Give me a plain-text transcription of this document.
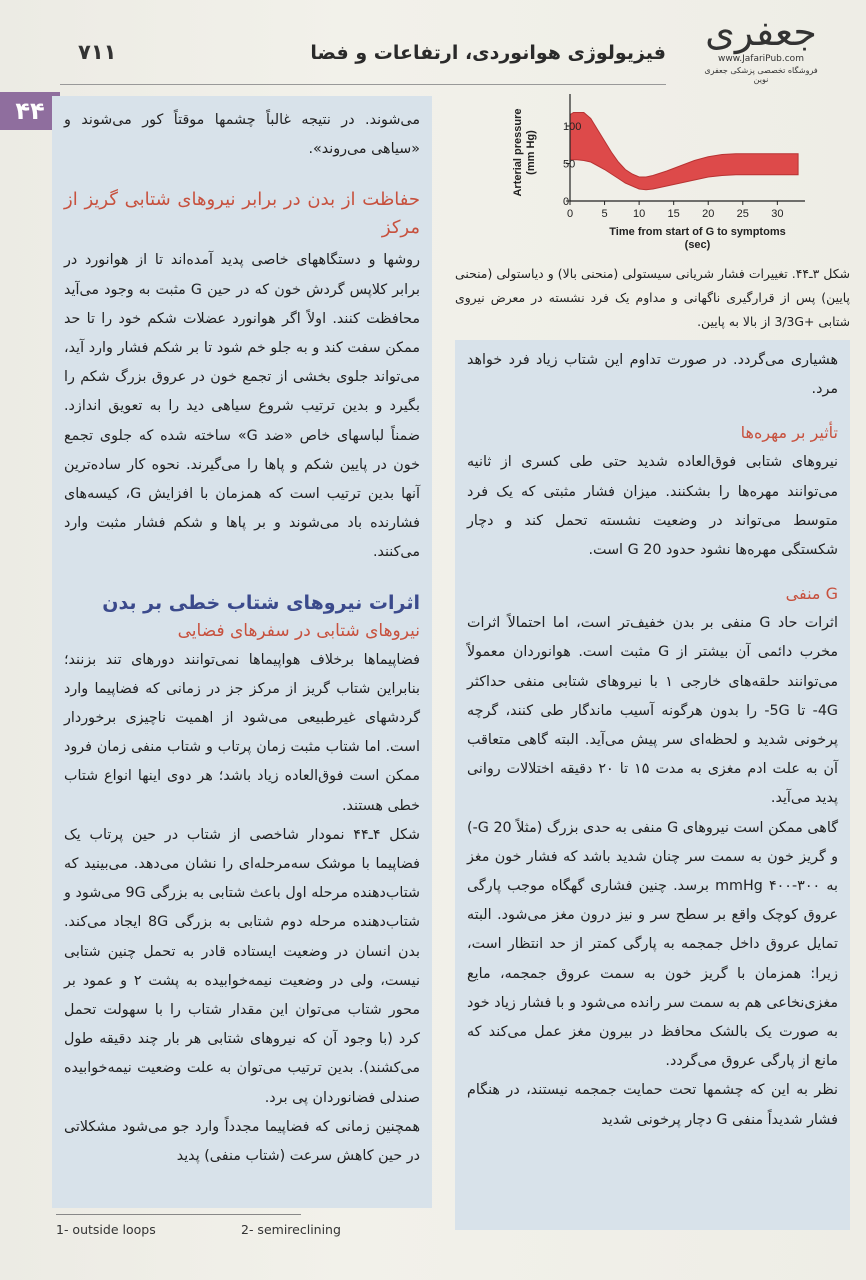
۷۱۱	فیزیولوژی هوانوردی، ارتفاعات و فضا جعفری
www.JafariPub.com
فروشگاه تخصصی پزشکی جعفری نوین
۴۴	می‌شوند. در نتیجه غالباً چشمها موقتاً کور می‌شوند و «سیاهی می‌روند».

حفاظت از بدن در برابر نیروهای شتابی گریز از مرکز

روشها و دستگاههای خاصی پدید آمده‌اند تا از هوانورد در برابر کلاپس گردش خون که در حین G مثبت به وجود می‌آید محافظت کنند. اولاً اگر هوانورد عضلات شکم خود را تا حد ممکن سفت کند و به جلو خم شود تا بر شکم فشار وارد آید، می‌تواند جلوی بخشی از تجمع خون در عروق بزرگ شکم را بگیرد و بدین ترتیب شروع سیاهی دید را به تعویق اندازد. ضمناً لباسهای خاص «ضد G» ساخته شده که جلوی تجمع خون در پایین شکم و پاها را می‌گیرند. نحوه کار ساده‌ترین آنها بدین ترتیب است که همزمان با افزایش G، کیسه‌های فشارنده باد می‌شوند و بر پاها و شکم فشار مثبت وارد می‌کنند.

اثرات نیروهای شتاب خطی بر بدن
نیروهای شتابی در سفرهای فضایی

فضاپیماها برخلاف هواپیماها نمی‌توانند دورهای تند بزنند؛ بنابراین شتاب گریز از مرکز جز در زمانی که فضاپیما وارد گردشهای غیرطبیعی می‌شود از اهمیت ناچیزی برخوردار است. اما شتاب مثبت زمان پرتاب و شتاب منفی زمان فرود ممکن است فوق‌العاده زیاد باشد؛ هر دوی اینها انواع شتاب خطی هستند.

شکل ۴ـ۴۴ نمودار شاخصی از شتاب در حین پرتاب یک فضاپیما با موشک سه‌مرحله‌ای را نشان می‌دهد. می‌بینید که شتاب‌دهنده مرحله اول باعث شتابی به بزرگی 9G می‌شود و شتاب‌دهنده مرحله دوم شتابی به بزرگی 8G ایجاد می‌کند. بدن انسان در وضعیت ایستاده قادر به تحمل چنین شتابی نیست، ولی در وضعیت نیمه‌خوابیده به پشت ۲ و عمود بر محور شتاب می‌توان این مقدار شتاب را با سهولت تحمل کرد (با وجود آن که نیروهای شتابی هر بار چند دقیقه طول می‌کشند). بدین ترتیب می‌توان به علت وضعیت نیمه‌خوابیده صندلی فضانوردان پی برد.

همچنین زمانی که فضاپیما مجدداً وارد جو می‌شود مشکلاتی در حین کاهش سرعت (شتاب منفی) پدید

0	5 10 15 20 25 30
0
50
100
Time from start of G to symptoms
(sec)
Arterial pressure (mm Hg)
شکل ۳ـ۴۴. تغییرات فشار شریانی سیستولی (منحنی بالا) و دیاستولی (منحنی پایین) پس از قرارگیری ناگهانی و مداوم یک فرد نشسته در معرض نیروی شتابی +3/3G از بالا به پایین.

هشیاری می‌گردد. در صورت تداوم این شتاب زیاد فرد خواهد مرد.

تأثیر بر مهره‌ها

نیروهای شتابی فوق‌العاده شدید حتی طی کسری از ثانیه می‌توانند مهره‌ها را بشکنند. میزان فشار مثبتی که یک فرد متوسط می‌تواند در وضعیت نشسته تحمل کند و دچار شکستگی مهره‌ها نشود حدود 20 G است.

G منفی

اثرات حاد G منفی بر بدن خفیف‌تر است، اما احتمالاً اثرات مخرب دائمی آن بیشتر از G مثبت است. هوانوردان معمولاً می‌توانند حلقه‌های خارجی ۱ با نیروهای شتابی منفی حداکثر 4G- تا 5G- را بدون هرگونه آسیب ماندگار طی کنند، گرچه پرخونی شدید و لحظه‌ای سر پیش می‌آید. البته گاهی متعاقب آن به علت ادم مغزی به مدت ۱۵ تا ۲۰ دقیقه اختلالات روانی پدید می‌آید.

گاهی ممکن است نیروهای G منفی به حدی بزرگ (مثلاً 20 G-) و گریز خون به سمت سر چنان شدید باشد که فشار خون مغز به ۳۰۰-۴۰۰ mmHg برسد. چنین فشاری گهگاه موجب پارگی عروق کوچک واقع بر سطح سر و نیز درون مغز می‌شود. البته تمایل عروق داخل جمجمه به پارگی کمتر از حد انتظار است، زیرا: همزمان با گریز خون به سمت عروق جمجمه، مایع مغزی‌نخاعی هم به سمت سر رانده می‌شود و با فشار زیاد خود به صورت یک بالشک محافظ در بیرون مغز عمل می‌کند که مانع از پارگی عروق می‌گردد.

نظر به این که چشمها تحت حمایت جمجمه نیستند، در هنگام فشار شدیداً منفی G دچار پرخونی شدید

1- outside loops	2- semireclining
